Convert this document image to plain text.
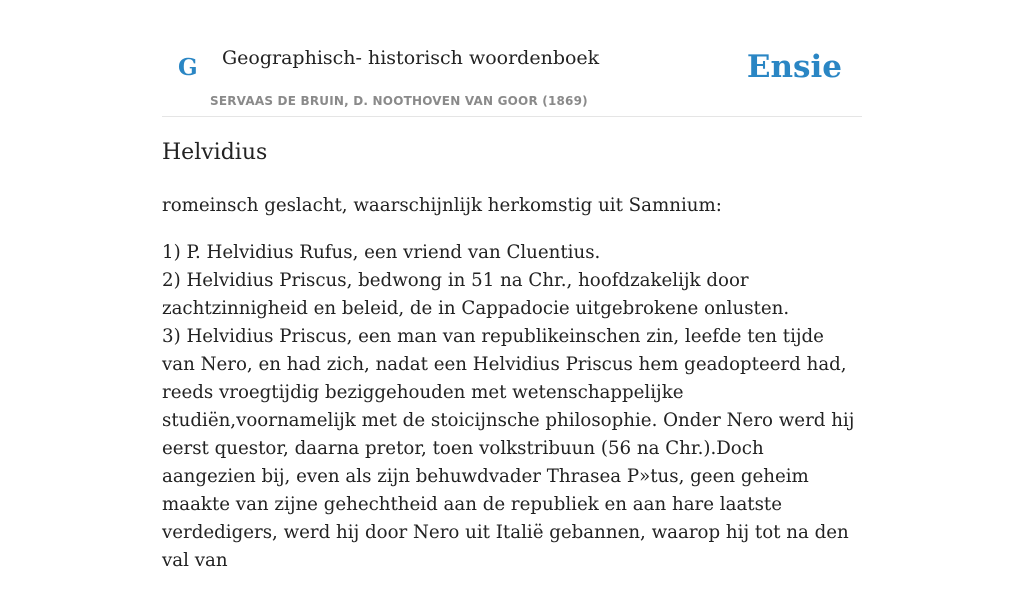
G Geographisch- historisch woordenboek
SERVAAS DE BRUIN, D. NOOTHOVEN VAN GOOR (1869)
Ensie
Helvidius

romeinsch geslacht, waarschijnlijk herkomstig uit Samnium:

1) P. Helvidius Rufus, een vriend van Cluentius.
2) Helvidius Priscus, bedwong in 51 na Chr., hoofdzakelijk door zachtzinnigheid en beleid, de in Cappadocie uitgebrokene onlusten.
3) Helvidius Priscus, een man van republikeinschen zin, leefde ten tijde van Nero, en had zich, nadat een Helvidius Priscus hem geadopteerd had, reeds vroegtijdig beziggehouden met wetenschappelijke studiën,voornamelijk met de stoicijnsche philosophie. Onder Nero werd hij eerst questor, daarna pretor, toen volkstribuun (56 na Chr.).Doch aangezien bij, even als zijn behuwdvader Thrasea P»tus, geen geheim maakte van zijne gehechtheid aan de republiek en aan hare laatste verdedigers, werd hij door Nero uit Italië gebannen, waarop hij tot na den val van
